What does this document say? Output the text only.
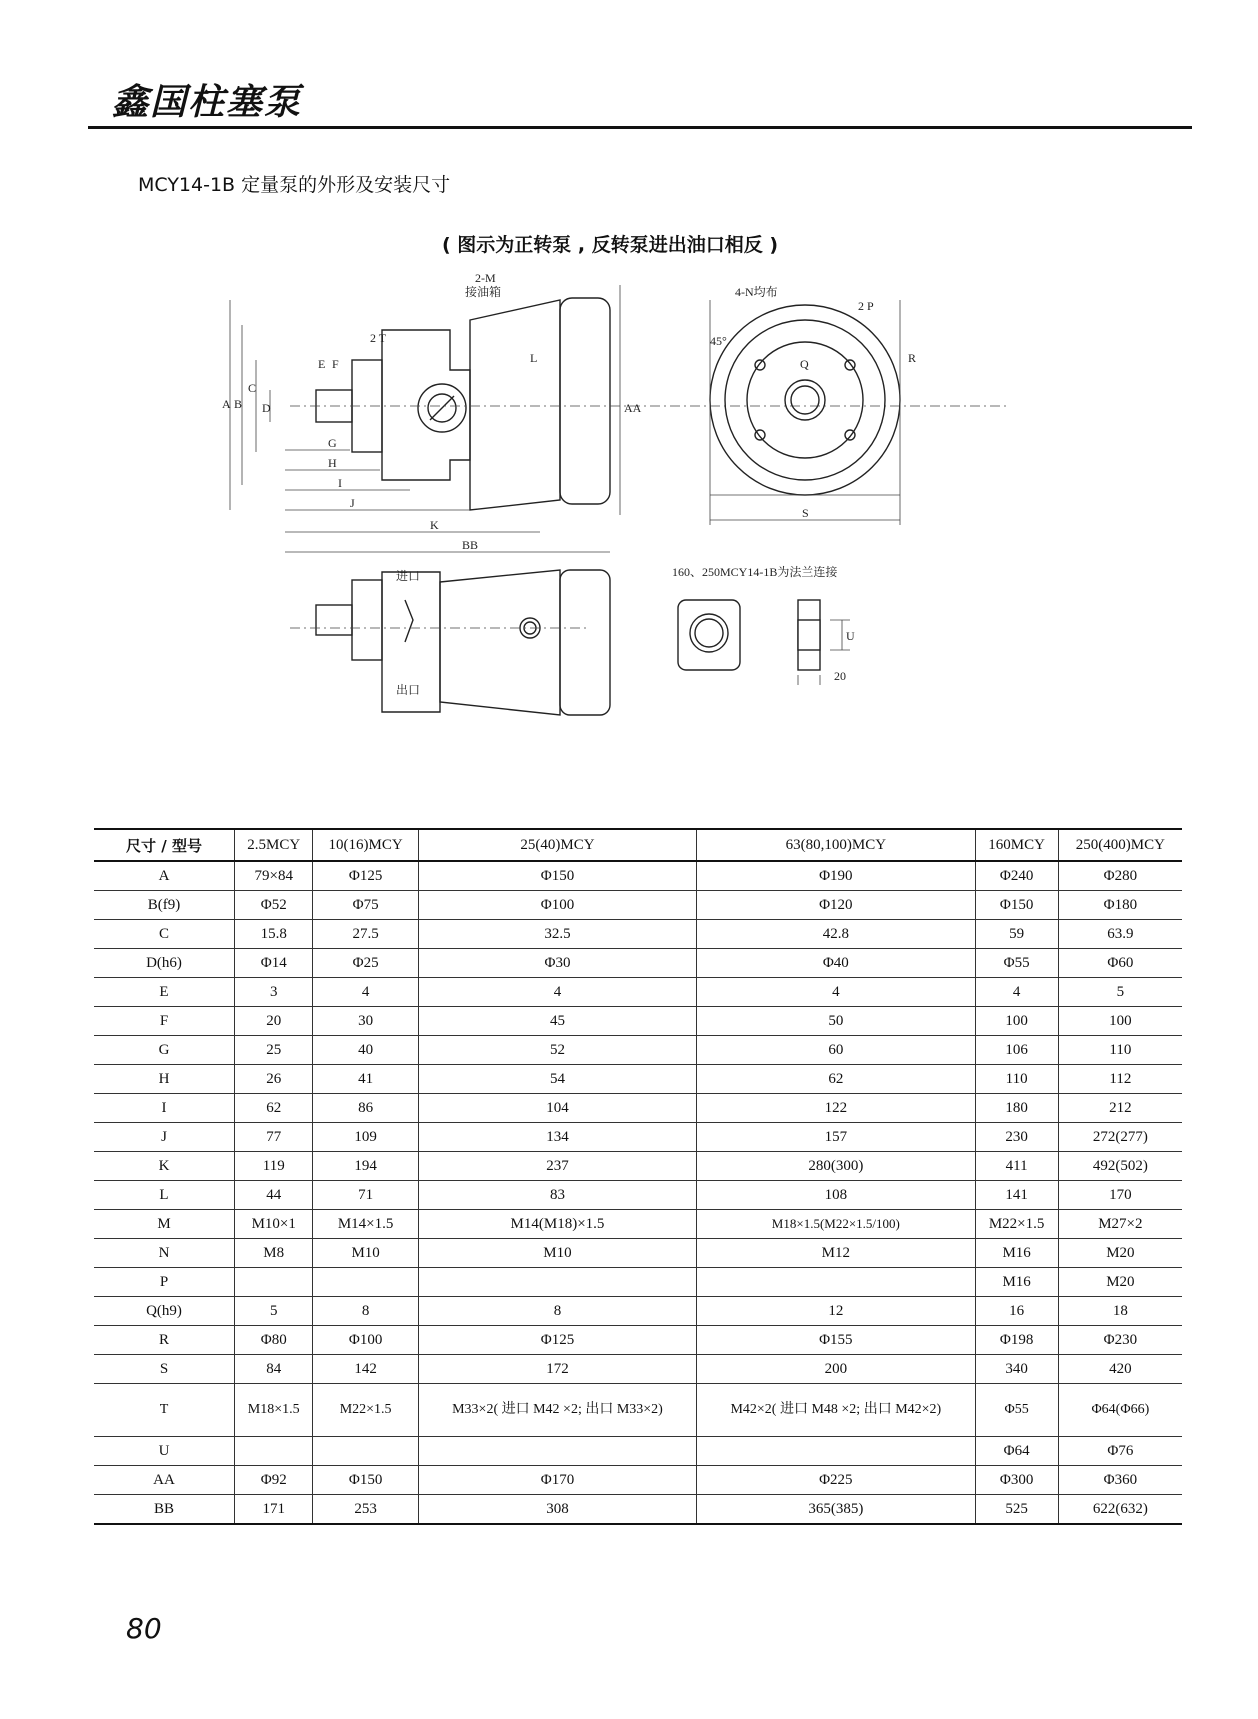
鑫国柱塞泵
MCY14-1B 定量泵的外形及安装尺寸
( 图示为正转泵 , 反转泵进出油口相反 )
2-M
接油箱
2 T
A B
C
D
E F
G
H
I
J
K
L
AA
BB
4-N均布
2 P
45°
S
Q	R
进口
出口
160、250MCY14-1B为法兰连接
U
20
尺寸 / 型号	2.5MCY	10(16)MCY	25(40)MCY	63(80,100)MCY	160MCY	250(400)MCY
A	79×84	Φ125	Φ150	Φ190	Φ240	Φ280
B(f9)	Φ52	Φ75	Φ100	Φ120	Φ150	Φ180
C	15.8	27.5	32.5	42.8	59	63.9
D(h6)	Φ14	Φ25	Φ30	Φ40	Φ55	Φ60
E	3	4	4	4	4	5
F	20	30	45	50	100	100
G	25	40	52	60	106	110
H	26	41	54	62	110	112
I	62	86	104	122	180	212
J	77	109	134	157	230	272(277)
K	119	194	237	280(300)	411	492(502)
L	44	71	83	108	141	170
M	M10×1	M14×1.5	M14(M18)×1.5	M18×1.5(M22×1.5/100)	M22×1.5	M27×2
N	M8	M10	M10	M12	M16	M20
P					M16	M20
Q(h9)	5	8	8	12	16	18
R	Φ80	Φ100	Φ125	Φ155	Φ198	Φ230
S	84	142	172	200	340	420
T	M18×1.5	M22×1.5	M33×2( 进口 M42 ×2; 出口 M33×2)	M42×2( 进口 M48 ×2; 出口 M42×2)	Φ55	Φ64(Φ66)
U					Φ64	Φ76
AA	Φ92	Φ150	Φ170	Φ225	Φ300	Φ360
BB	171	253	308	365(385)	525	622(632)
80
